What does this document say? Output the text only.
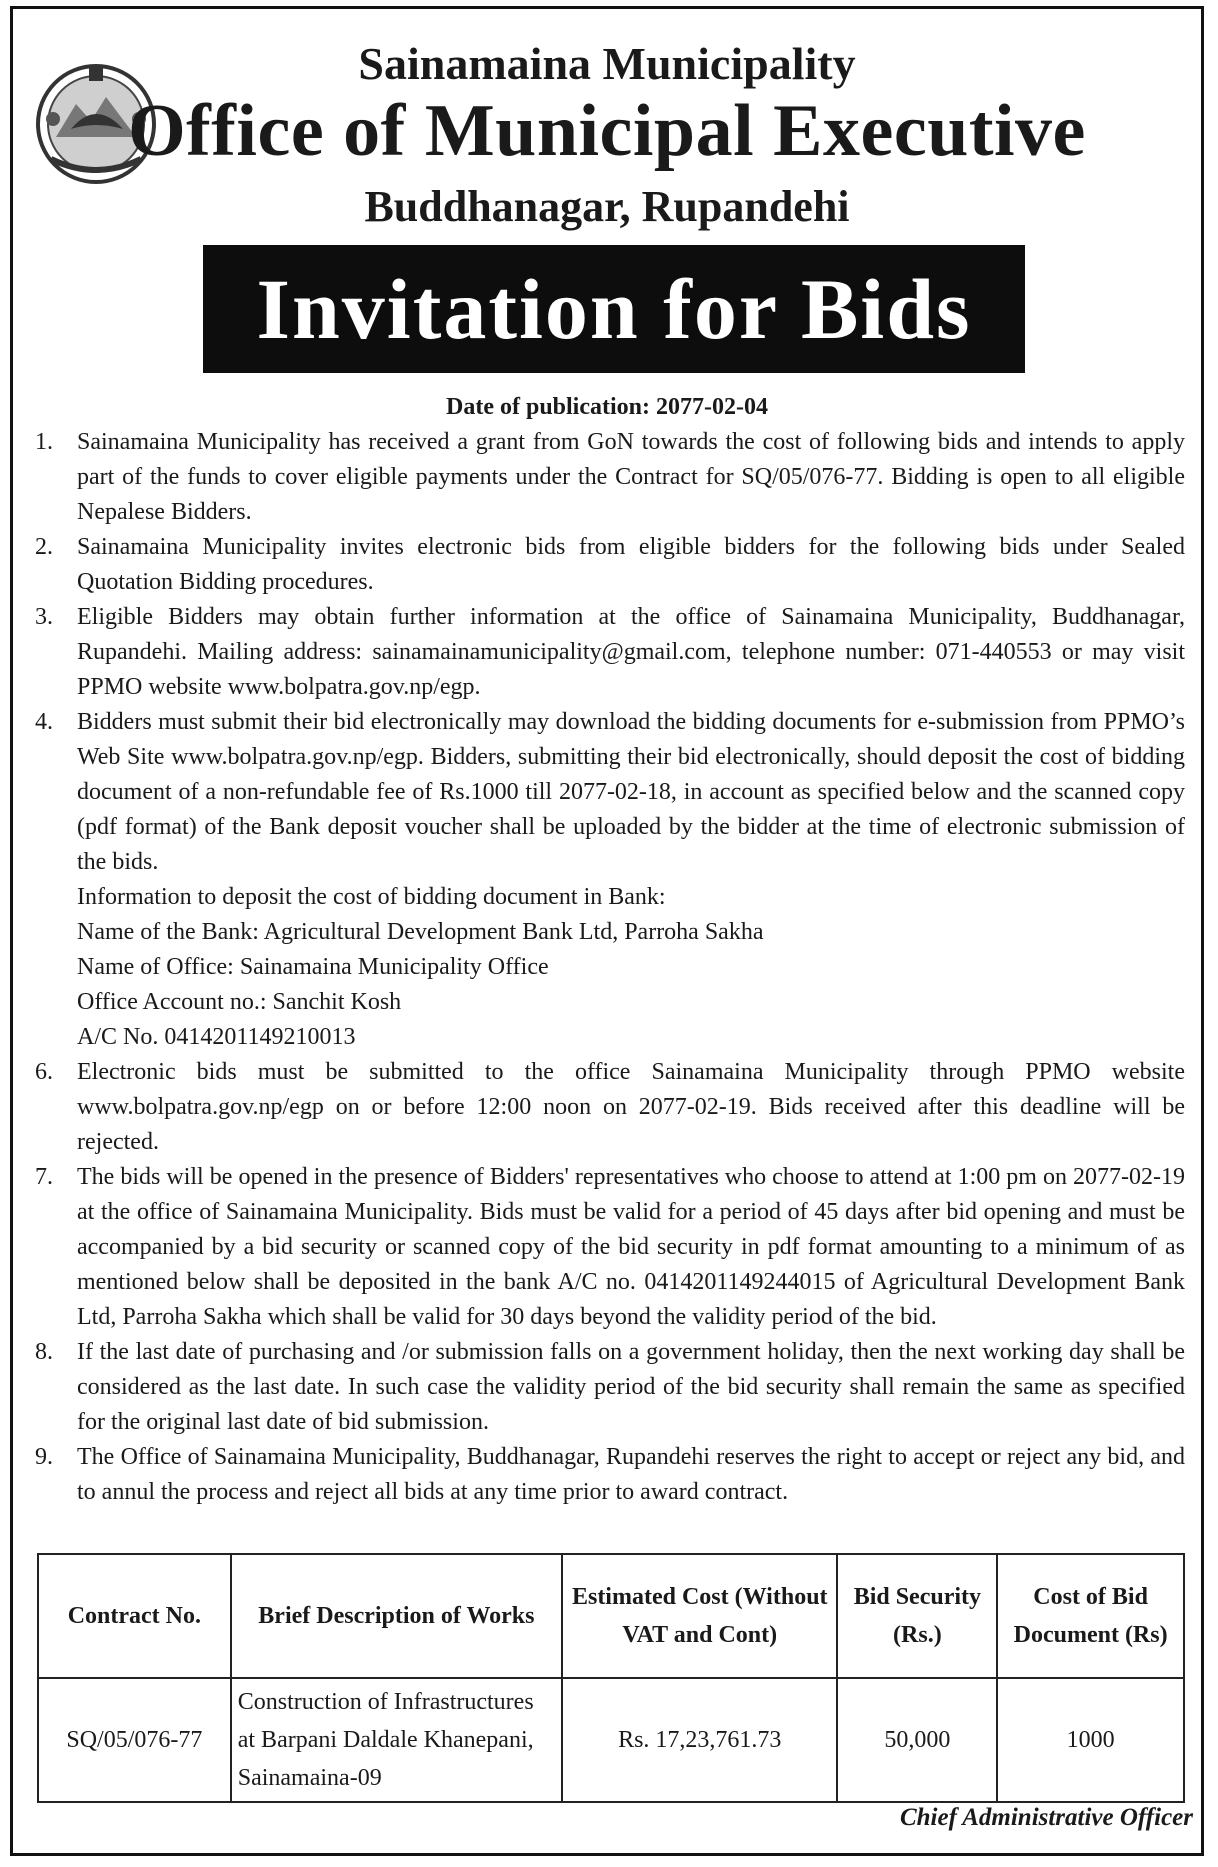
Sainamaina Municipality
Office of Municipal Executive
Buddhanagar, Rupandehi
Invitation for Bids
Date of publication: 2077-02-04
1.	Sainamaina Municipality has received a grant from GoN towards the cost of following bids and intends to apply part of the funds to cover eligible payments under the Contract for SQ/05/076-77. Bidding is open to all eligible Nepalese Bidders.
2.	Sainamaina Municipality invites electronic bids from eligible bidders for the following bids under Sealed Quotation Bidding procedures.
3.	Eligible Bidders may obtain further information at the office of Sainamaina Municipality, Buddhanagar, Rupandehi. Mailing address: sainamainamunicipality@gmail.com, telephone number: 071-440553 or may visit PPMO website www.bolpatra.gov.np/egp.
4.	Bidders must submit their bid electronically may download the bidding documents for e-submission from PPMO’s Web Site www.bolpatra.gov.np/egp. Bidders, submitting their bid electronically, should deposit the cost of bidding document of a non-refundable fee of Rs.1000 till 2077-02-18, in account as specified below and the scanned copy (pdf format) of the Bank deposit voucher shall be uploaded by the bidder at the time of electronic submission of the bids.
Information to deposit the cost of bidding document in Bank:
Name of the Bank: Agricultural Development Bank Ltd, Parroha Sakha
Name of Office: Sainamaina Municipality Office
Office Account no.: Sanchit Kosh
A/C No. 0414201149210013
6.	Electronic bids must be submitted to the office Sainamaina Municipality through PPMO website www.bolpatra.gov.np/egp on or before 12:00 noon on 2077-02-19. Bids received after this deadline will be rejected.
7.	The bids will be opened in the presence of Bidders' representatives who choose to attend at 1:00 pm on 2077-02-19 at the office of Sainamaina Municipality. Bids must be valid for a period of 45 days after bid opening and must be accompanied by a bid security or scanned copy of the bid security in pdf format amounting to a minimum of as mentioned below shall be deposited in the bank A/C no. 0414201149244015 of Agricultural Development Bank Ltd, Parroha Sakha which shall be valid for 30 days beyond the validity period of the bid.
8.	If the last date of purchasing and /or submission falls on a government holiday, then the next working day shall be considered as the last date. In such case the validity period of the bid security shall remain the same as specified for the original last date of bid submission.
9.	The Office of Sainamaina Municipality, Buddhanagar, Rupandehi reserves the right to accept or reject any bid, and to annul the process and reject all bids at any time prior to award contract.
Contract No.	Brief Description of Works	Estimated Cost (Without VAT and Cont)	Bid Security (Rs.)	Cost of Bid Document (Rs)
SQ/05/076-77	Construction of Infrastructures at Barpani Daldale Khanepani, Sainamaina-09	Rs. 17,23,761.73	50,000	1000
Chief Administrative Officer
